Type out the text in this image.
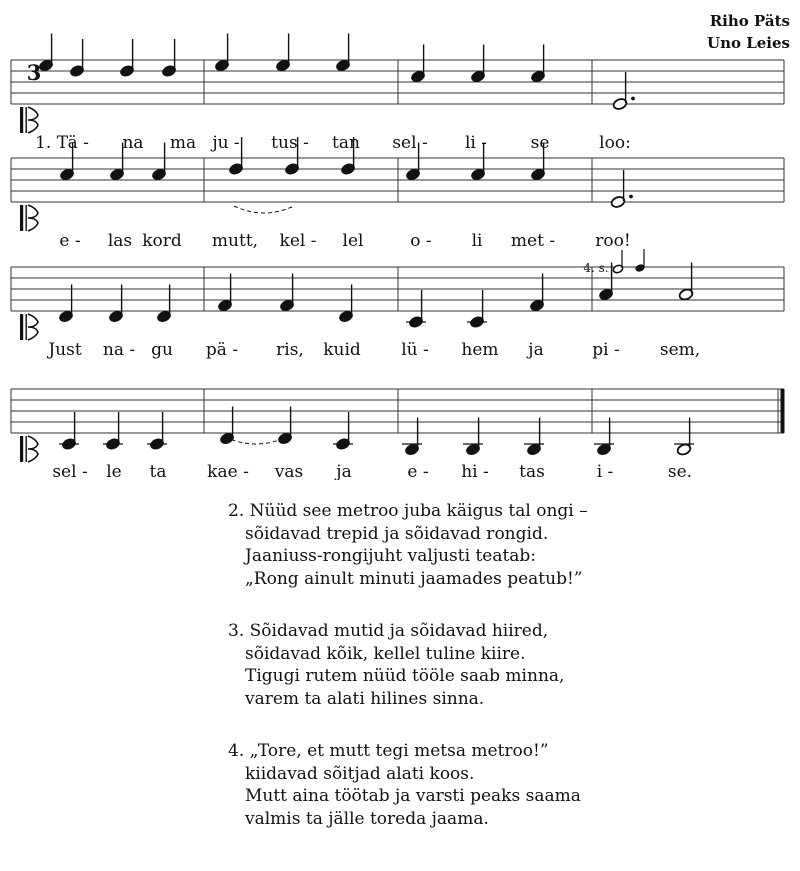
Riho Päts
Uno Leies
1. Tä - na ma ju - tus - tan sel - li -	se	loo:
e - las kord mutt, kel - lel	o - li met - roo!
Just na - gu pä - ris, kuid lü - hem ja	pi - sem,
sel - le ta kae - vas ja	e - hi - tas	i -	se.
3
4. s.
2. Nüüd see metroo juba käigus tal ongi –
sõidavad trepid ja sõidavad rongid.
Jaaniuss-rongijuht valjusti teatab:
„Rong ainult minuti jaamades peatub!”
3. Sõidavad mutid ja sõidavad hiired,
sõidavad kõik, kellel tuline kiire.
Tigugi rutem nüüd tööle saab minna,
varem ta alati hilines sinna.
4. „Tore, et mutt tegi metsa metroo!”
kiidavad sõitjad alati koos.
Mutt aina töötab ja varsti peaks saama
valmis ta jälle toreda jaama.
